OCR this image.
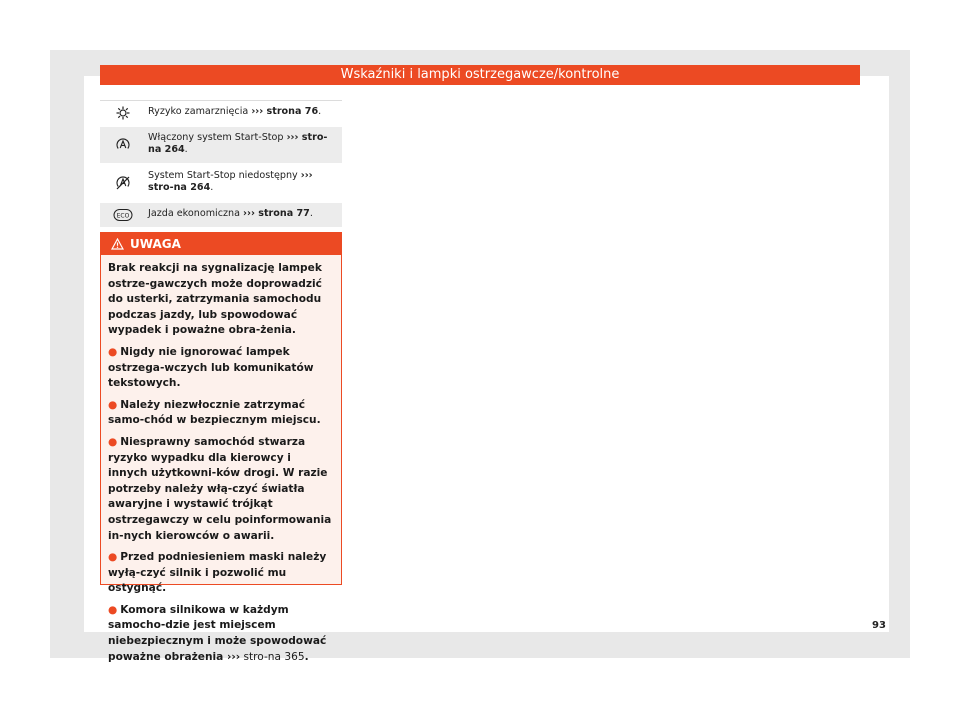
Wskaźniki i lampki ostrzegawcze/kontrolne
Ryzyko zamarznięcia ››› strona 76.
Włączony system Start-Stop ››› stro-na 264.
System Start-Stop niedostępny ››› stro-na 264.
ECO Jazda ekonomiczna ››› strona 77.
UWAGA

Brak reakcji na sygnalizację lampek ostrze-gawczych może doprowadzić do usterki, zatrzymania samochodu podczas jazdy, lub spowodować wypadek i poważne obra-żenia.

● Nigdy nie ignorować lampek ostrzega-wczych lub komunikatów tekstowych.

● Należy niezwłocznie zatrzymać samo-chód w bezpiecznym miejscu.

● Niesprawny samochód stwarza ryzyko wypadku dla kierowcy i innych użytkowni-ków drogi. W razie potrzeby należy włą-czyć światła awaryjne i wystawić trójkąt ostrzegawczy w celu poinformowania in-nych kierowców o awarii.

● Przed podniesieniem maski należy wyłą-czyć silnik i pozwolić mu ostygnąć.

● Komora silnikowa w każdym samocho-dzie jest miejscem niebezpiecznym i może spowodować poważne obrażenia ››› stro-na 365.

93
